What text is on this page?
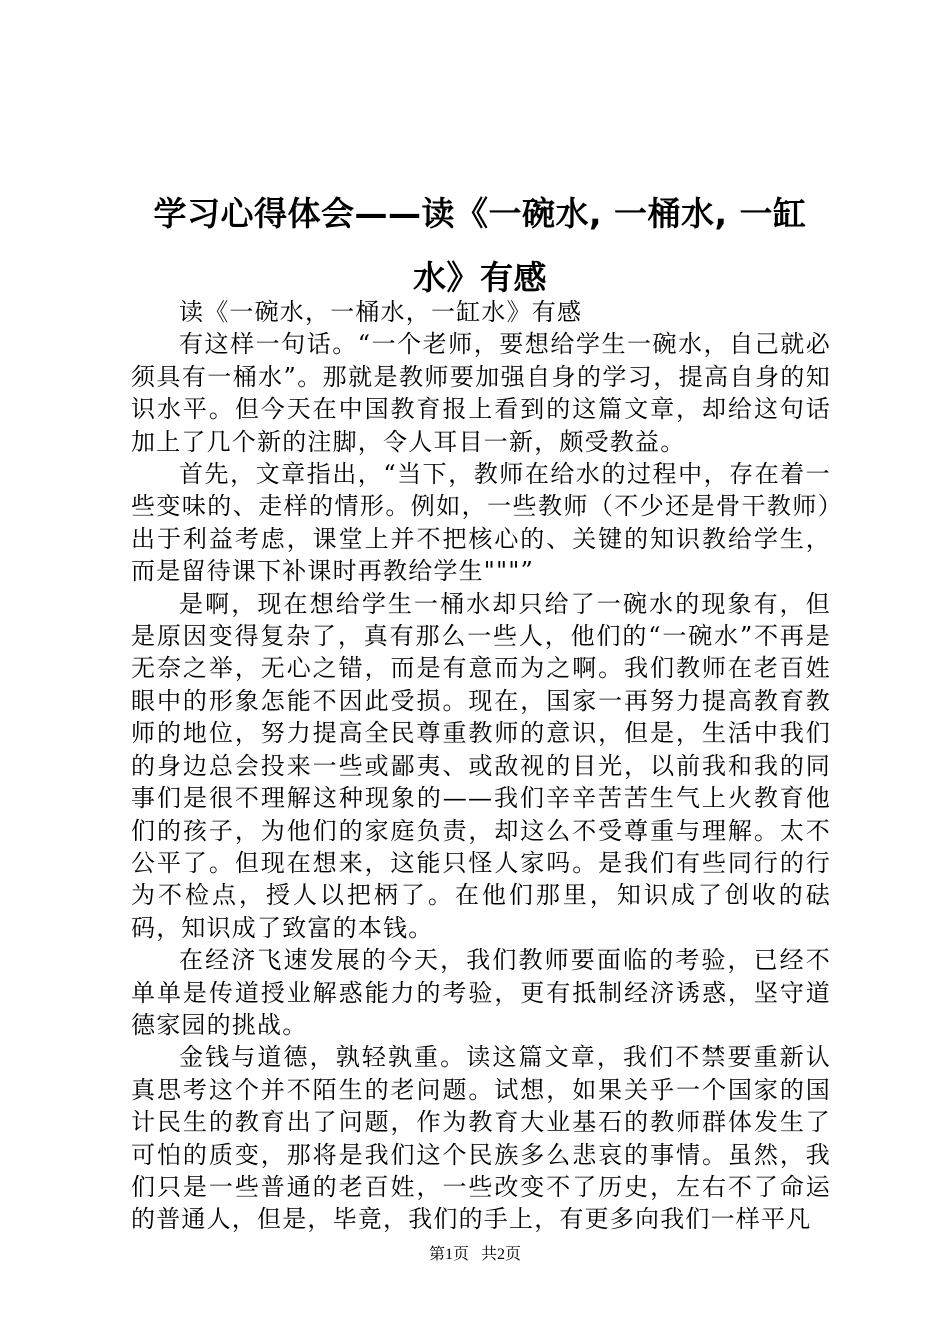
学习心得体会——读《一碗水, 一桶水, 一缸
水》有感

读《一碗水，一桶水，一缸水》有感

有这样一句话。“一个老师，要想给学生一碗水，自己就必须具有一桶水”。那就是教师要加强自身的学习，提高自身的知识水平。但今天在中国教育报上看到的这篇文章，却给这句话加上了几个新的注脚，令人耳目一新，颇受教益。

首先，文章指出，“当下，教师在给水的过程中，存在着一些变味的、走样的情形。例如，一些教师（不少还是骨干教师）出于利益考虑，课堂上并不把核心的、关键的知识教给学生，而是留待课下补课时再教给学生"""”

是啊，现在想给学生一桶水却只给了一碗水的现象有，但是原因变得复杂了，真有那么一些人，他们的“一碗水”不再是无奈之举，无心之错，而是有意而为之啊。我们教师在老百姓眼中的形象怎能不因此受损。现在，国家一再努力提高教育教师的地位，努力提高全民尊重教师的意识，但是，生活中我们的身边总会投来一些或鄙夷、或敌视的目光，以前我和我的同事们是很不理解这种现象的——我们辛辛苦苦生气上火教育他们的孩子，为他们的家庭负责，却这么不受尊重与理解。太不公平了。但现在想来，这能只怪人家吗。是我们有些同行的行为不检点，授人以把柄了。在他们那里，知识成了创收的砝码，知识成了致富的本钱。

在经济飞速发展的今天，我们教师要面临的考验，已经不单单是传道授业解惑能力的考验，更有抵制经济诱惑，坚守道德家园的挑战。

金钱与道德，孰轻孰重。读这篇文章，我们不禁要重新认真思考这个并不陌生的老问题。试想，如果关乎一个国家的国计民生的教育出了问题，作为教育大业基石的教师群体发生了可怕的质变，那将是我们这个民族多么悲哀的事情。虽然，我们只是一些普通的老百姓，一些改变不了历史，左右不了命运的普通人，但是，毕竟，我们的手上，有更多向我们一样平凡

第1页 共2页
